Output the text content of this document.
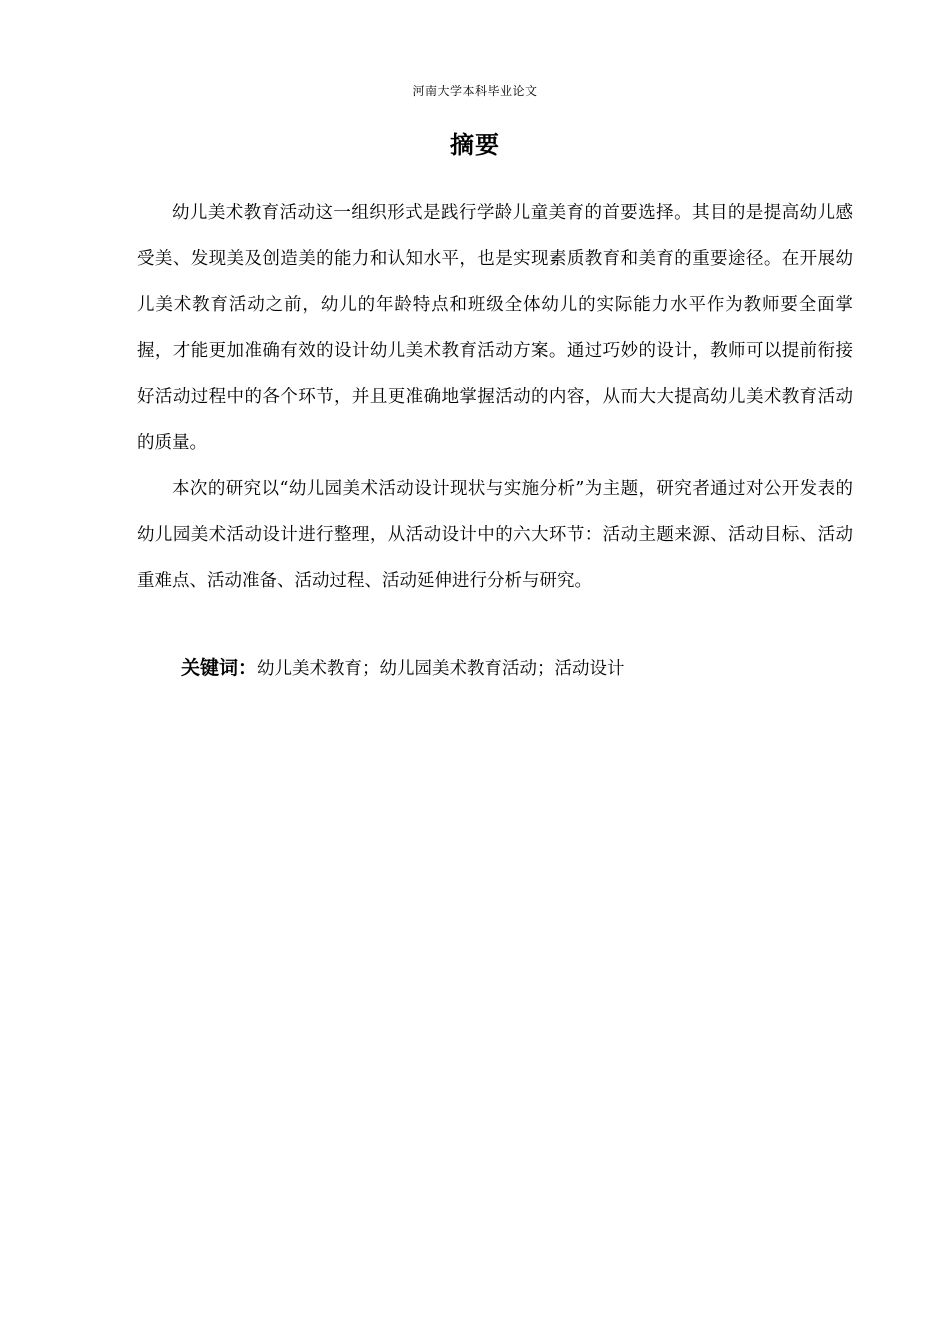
河南大学本科毕业论文
摘要

幼儿美术教育活动这一组织形式是践行学龄儿童美育的首要选择。其目的是提高幼儿感受美、发现美及创造美的能力和认知水平，也是实现素质教育和美育的重要途径。在开展幼儿美术教育活动之前，幼儿的年龄特点和班级全体幼儿的实际能力水平作为教师要全面掌握，才能更加准确有效的设计幼儿美术教育活动方案。通过巧妙的设计，教师可以提前衔接好活动过程中的各个环节，并且更准确地掌握活动的内容，从而大大提高幼儿美术教育活动的质量。

本次的研究以“幼儿园美术活动设计现状与实施分析”为主题，研究者通过对公开发表的幼儿园美术活动设计进行整理，从活动设计中的六大环节：活动主题来源、活动目标、活动重难点、活动准备、活动过程、活动延伸进行分析与研究。

关键词：幼儿美术教育；幼儿园美术教育活动；活动设计
